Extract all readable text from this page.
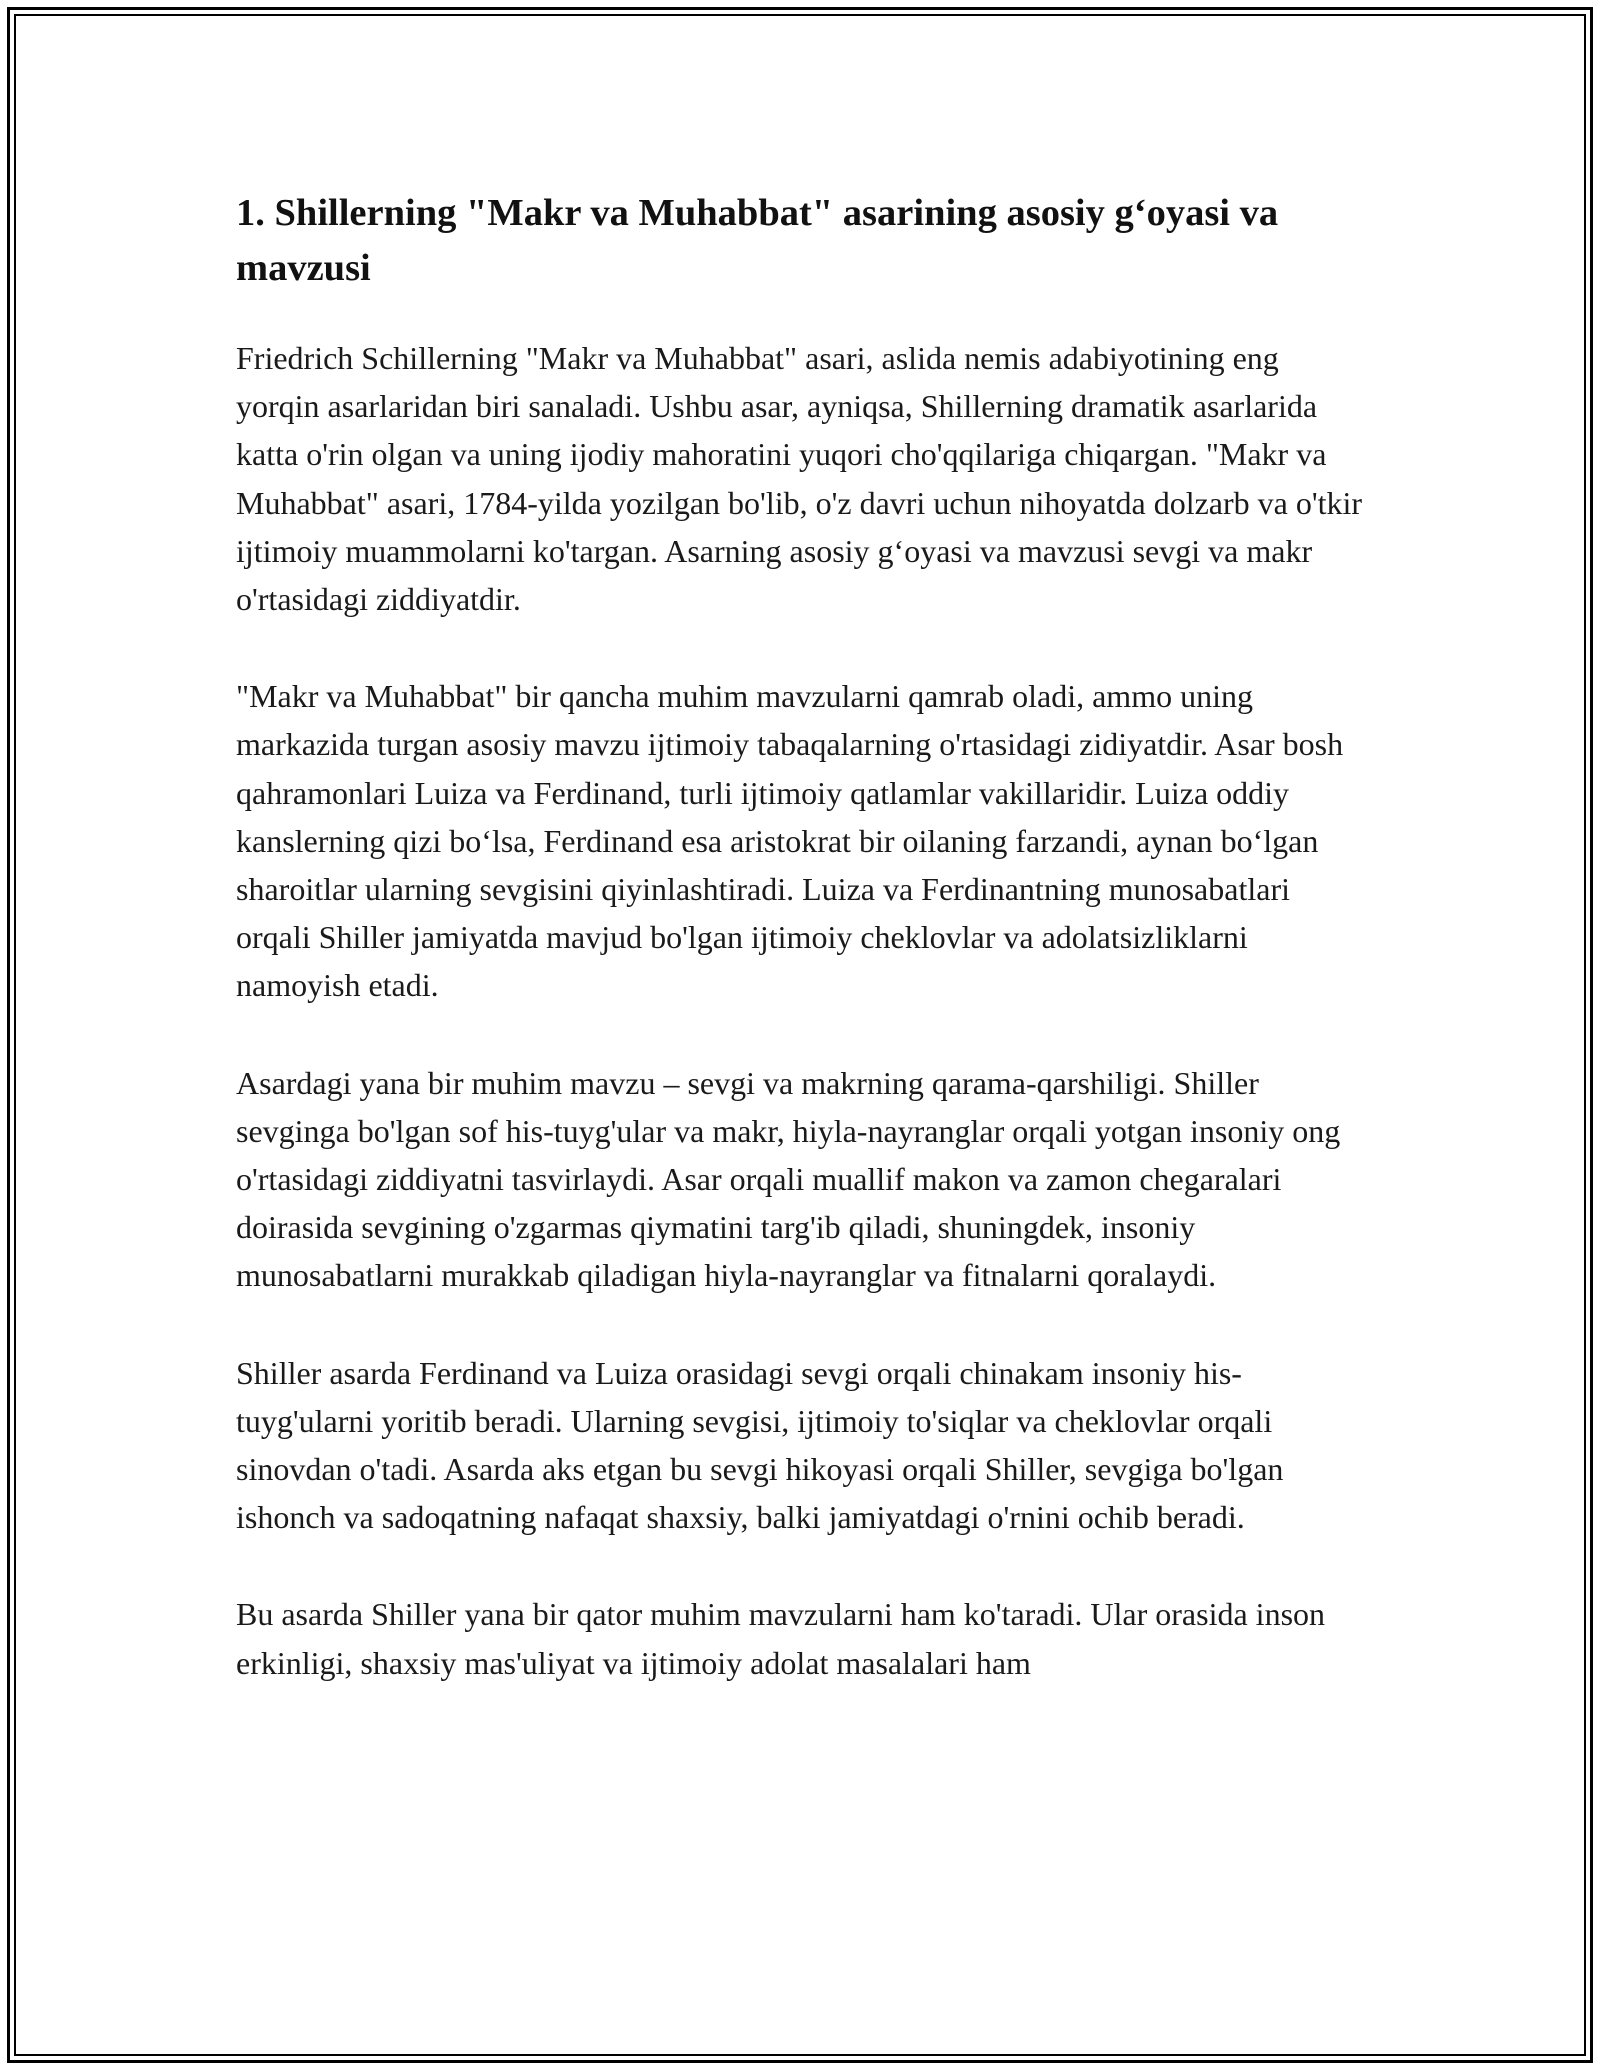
1. Shillerning "Makr va Muhabbat" asarining asosiy g‘oyasi va mavzusi

Friedrich Schillerning "Makr va Muhabbat" asari, aslida nemis adabiyotining eng yorqin asarlaridan biri sanaladi. Ushbu asar, ayniqsa, Shillerning dramatik asarlarida katta o'rin olgan va uning ijodiy mahoratini yuqori cho'qqilariga chiqargan. "Makr va Muhabbat" asari, 1784-yilda yozilgan bo'lib, o'z davri uchun nihoyatda dolzarb va o'tkir ijtimoiy muammolarni ko'targan. Asarning asosiy g‘oyasi va mavzusi sevgi va makr o'rtasidagi ziddiyatdir.

"Makr va Muhabbat" bir qancha muhim mavzularni qamrab oladi, ammo uning markazida turgan asosiy mavzu ijtimoiy tabaqalarning o'rtasidagi zidiyatdir. Asar bosh qahramonlari Luiza va Ferdinand, turli ijtimoiy qatlamlar vakillaridir. Luiza oddiy kanslerning qizi bo‘lsa, Ferdinand esa aristokrat bir oilaning farzandi, aynan bo‘lgan sharoitlar ularning sevgisini qiyinlashtiradi. Luiza va Ferdinantning munosabatlari orqali Shiller jamiyatda mavjud bo'lgan ijtimoiy cheklovlar va adolatsizliklarni namoyish etadi.

Asardagi yana bir muhim mavzu – sevgi va makrning qarama-qarshiligi. Shiller sevginga bo'lgan sof his-tuyg'ular va makr, hiyla-nayranglar orqali yotgan insoniy ong o'rtasidagi ziddiyatni tasvirlaydi. Asar orqali muallif makon va zamon chegaralari doirasida sevgining o'zgarmas qiymatini targ'ib qiladi, shuningdek, insoniy munosabatlarni murakkab qiladigan hiyla-nayranglar va fitnalarni qoralaydi.

Shiller asarda Ferdinand va Luiza orasidagi sevgi orqali chinakam insoniy his-tuyg'ularni yoritib beradi. Ularning sevgisi, ijtimoiy to'siqlar va cheklovlar orqali sinovdan o'tadi. Asarda aks etgan bu sevgi hikoyasi orqali Shiller, sevgiga bo'lgan ishonch va sadoqatning nafaqat shaxsiy, balki jamiyatdagi o'rnini ochib beradi.

Bu asarda Shiller yana bir qator muhim mavzularni ham ko'taradi. Ular orasida inson erkinligi, shaxsiy mas'uliyat va ijtimoiy adolat masalalari ham
